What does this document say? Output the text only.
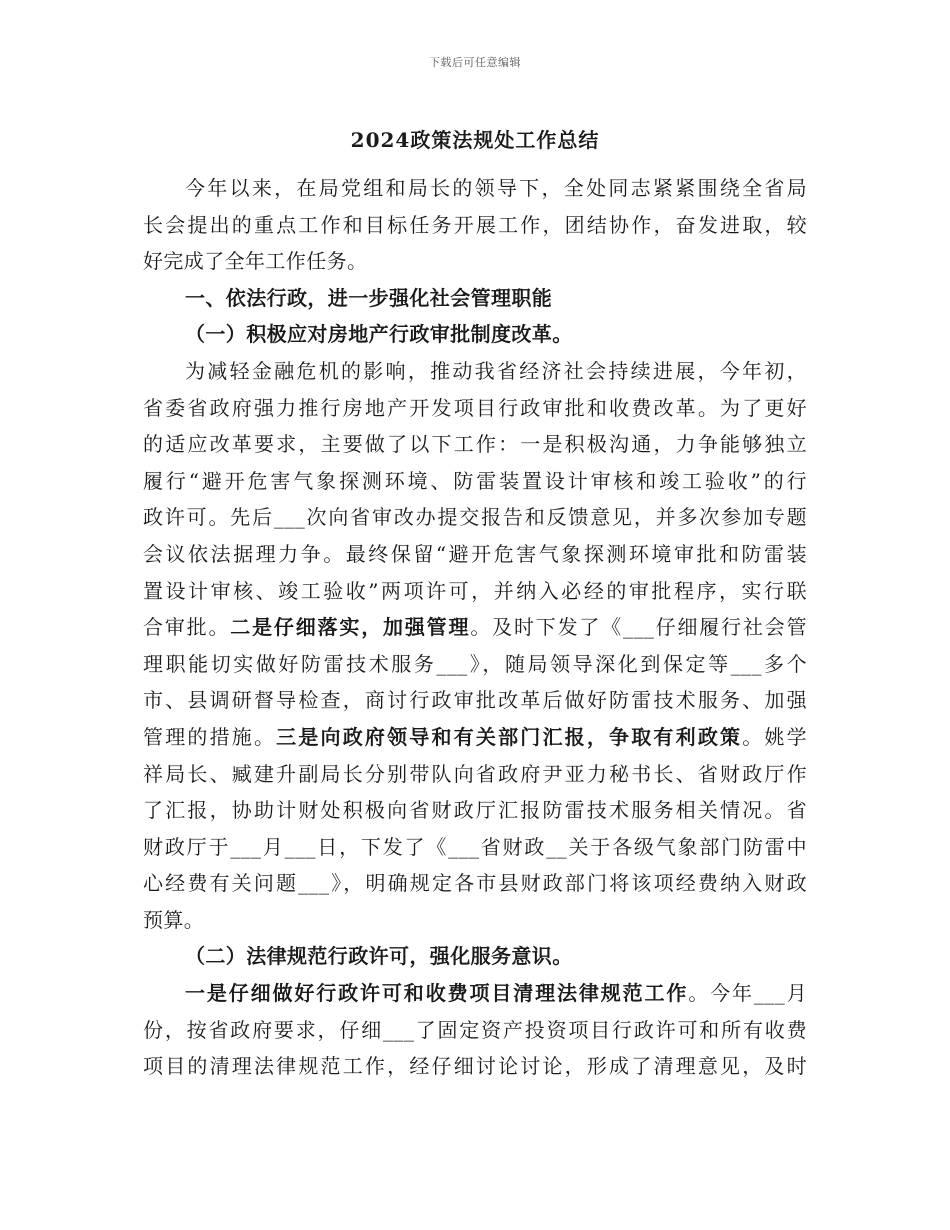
下载后可任意编辑
2024政策法规处工作总结
今年以来，在局党组和局长的领导下，全处同志紧紧围绕全省局
长会提出的重点工作和目标任务开展工作，团结协作，奋发进取，较
好完成了全年工作任务。
一、依法行政，进一步强化社会管理职能
（一）积极应对房地产行政审批制度改革。
为减轻金融危机的影响，推动我省经济社会持续进展，今年初，
省委省政府强力推行房地产开发项目行政审批和收费改革。为了更好
的适应改革要求，主要做了以下工作：一是积极沟通，力争能够独立
履行“避开危害气象探测环境、防雷装置设计审核和竣工验收”的行
政许可。先后___次向省审改办提交报告和反馈意见，并多次参加专题
会议依法据理力争。最终保留“避开危害气象探测环境审批和防雷装
置设计审核、竣工验收”两项许可，并纳入必经的审批程序，实行联
合审批。二是仔细落实，加强管理。及时下发了《___仔细履行社会管
理职能切实做好防雷技术服务___》，随局领导深化到保定等___多个
市、县调研督导检查，商讨行政审批改革后做好防雷技术服务、加强
管理的措施。三是向政府领导和有关部门汇报，争取有利政策。姚学
祥局长、臧建升副局长分别带队向省政府尹亚力秘书长、省财政厅作
了汇报，协助计财处积极向省财政厅汇报防雷技术服务相关情况。省
财政厅于___月___日，下发了《___省财政__关于各级气象部门防雷中
心经费有关问题___》，明确规定各市县财政部门将该项经费纳入财政
预算。
（二）法律规范行政许可，强化服务意识。
一是仔细做好行政许可和收费项目清理法律规范工作。今年___月
份，按省政府要求，仔细___了固定资产投资项目行政许可和所有收费
项目的清理法律规范工作，经仔细讨论讨论，形成了清理意见，及时
